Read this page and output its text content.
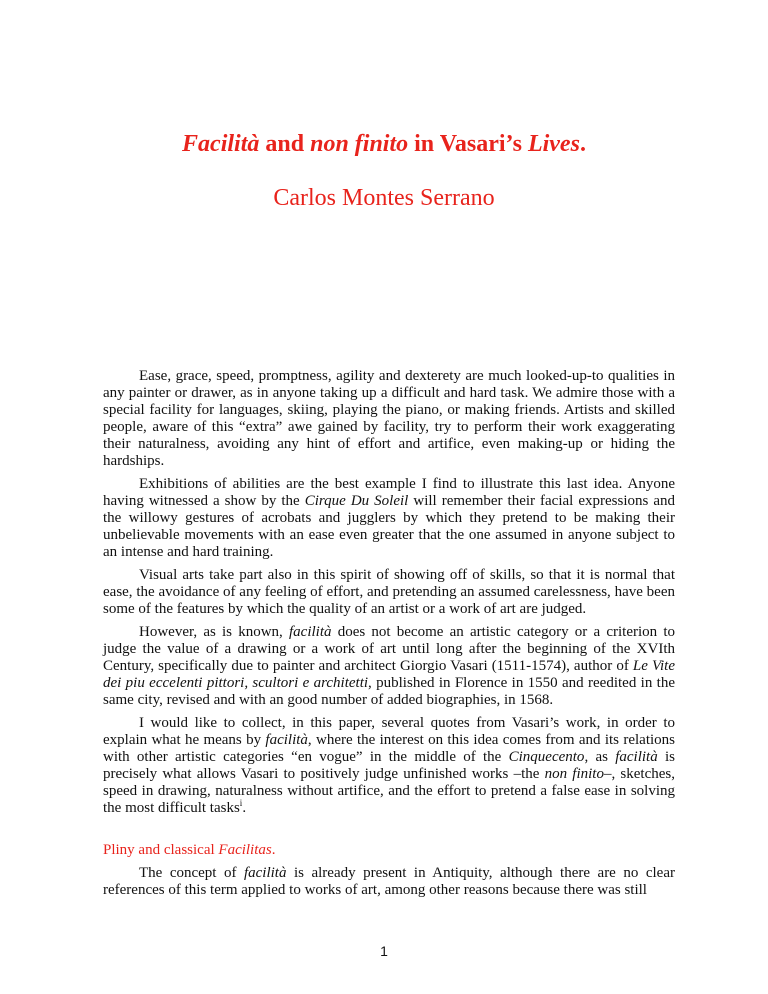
Facilità and non finito in Vasari’s Lives.
Carlos Montes Serrano

Ease, grace, speed, promptness, agility and dexterety are much looked-up-to qualities in any painter or drawer, as in anyone taking up a difficult and hard task. We admire those with a special facility for languages, skiing, playing the piano, or making friends. Artists and skilled people, aware of this “extra” awe gained by facility, try to perform their work exaggerating their naturalness, avoiding any hint of effort and artifice, even making-up or hiding the hardships.

Exhibitions of abilities are the best example I find to illustrate this last idea. Anyone having witnessed a show by the Cirque Du Soleil will remember their facial expressions and the willowy gestures of acrobats and jugglers by which they pretend to be making their unbelievable movements with an ease even greater that the one assumed in anyone subject to an intense and hard training.

Visual arts take part also in this spirit of showing off of skills, so that it is normal that ease, the avoidance of any feeling of effort, and pretending an assumed carelessness, have been some of the features by which the quality of an artist or a work of art are judged.

However, as is known, facilità does not become an artistic category or a criterion to judge the value of a drawing or a work of art until long after the beginning of the XVIth Century, specifically due to painter and architect Giorgio Vasari (1511-1574), author of Le Vite dei piu eccelenti pittori, scultori e architetti, published in Florence in 1550 and reedited in the same city, revised and with an good number of added biographies, in 1568.

I would like to collect, in this paper, several quotes from Vasari’s work, in order to explain what he means by facilità, where the interest on this idea comes from and its relations with other artistic categories “en vogue” in the middle of the Cinquecento, as facilità is precisely what allows Vasari to positively judge unfinished works –the non finito–, sketches, speed in drawing, naturalness without artifice, and the effort to pretend a false ease in solving the most difficult tasks$^i$.

Pliny and classical Facilitas.

The concept of facilità is already present in Antiquity, although there are no clear references of this term applied to works of art, among other reasons because there was still

1
